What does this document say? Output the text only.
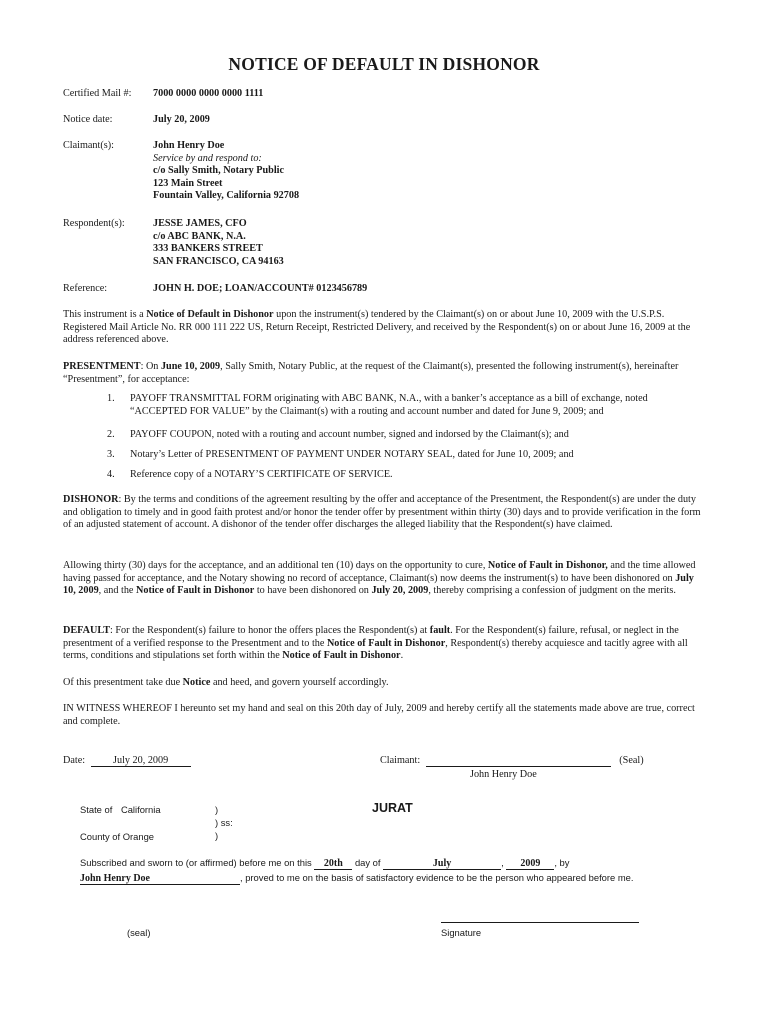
NOTICE OF DEFAULT IN DISHONOR
Certified Mail #: 7000 0000 0000 0000 1111
Notice date:	July 20, 2009
Claimant(s):	John Henry Doe
Service by and respond to:
c/o Sally Smith, Notary Public
123 Main Street
Fountain Valley, California 92708
Respondent(s):	JESSE JAMES, CFO
c/o ABC BANK, N.A.
333 BANKERS STREET
SAN FRANCISCO, CA 94163
Reference:	JOHN H. DOE; LOAN/ACCOUNT# 0123456789
This instrument is a Notice of Default in Dishonor upon the instrument(s) tendered by the Claimant(s) on or about June 10, 2009 with the U.S.P.S. Registered Mail Article No. RR 000 111 222 US, Return Receipt, Restricted Delivery, and received by the Respondent(s) on or about June 16, 2009 at the address referenced above.
PRESENTMENT: On June 10, 2009, Sally Smith, Notary Public, at the request of the Claimant(s), presented the following instrument(s), hereinafter “Presentment”, for acceptance:
1. PAYOFF TRANSMITTAL FORM originating with ABC BANK, N.A., with a banker’s acceptance as a bill of exchange, noted “ACCEPTED FOR VALUE” by the Claimant(s) with a routing and account number and dated for June 9, 2009; and
2. PAYOFF COUPON, noted with a routing and account number, signed and indorsed by the Claimant(s); and
3. Notary’s Letter of PRESENTMENT OF PAYMENT UNDER NOTARY SEAL, dated for June 10, 2009; and
4. Reference copy of a NOTARY’S CERTIFICATE OF SERVICE.
DISHONOR: By the terms and conditions of the agreement resulting by the offer and acceptance of the Presentment, the Respondent(s) are under the duty and obligation to timely and in good faith protest and/or honor the tender offer by presentment within thirty (30) days and to provide verification in the form of an adjusted statement of account. A dishonor of the tender offer discharges the alleged liability that the Respondent(s) have claimed.
Allowing thirty (30) days for the acceptance, and an additional ten (10) days on the opportunity to cure, Notice of Fault in Dishonor, and the time allowed having passed for acceptance, and the Notary showing no record of acceptance, Claimant(s) now deems the instrument(s) to have been dishonored on July 10, 2009, and the Notice of Fault in Dishonor to have been dishonored on July 20, 2009, thereby comprising a confession of judgment on the merits.
DEFAULT: For the Respondent(s) failure to honor the offers places the Respondent(s) at fault. For the Respondent(s) failure, refusal, or neglect in the presentment of a verified response to the Presentment and to the Notice of Fault in Dishonor, Respondent(s) thereby acquiesce and tacitly agree with all terms, conditions and stipulations set forth within the Notice of Fault in Dishonor.
Of this presentment take due Notice and heed, and govern yourself accordingly.
IN WITNESS WHEREOF I hereunto set my hand and seal on this 20th day of July, 2009 and hereby certify all the statements made above are true, correct and complete.
Date:	July 20, 2009	Claimant:	(Seal)
John Henry Doe
State of California	)
) ss:
)
County of Orange
JURAT
Subscribed and sworn to (or affirmed) before me on this 20th day of	July	, 2009 , by
John Henry Doe	, proved to me on the basis of satisfactory evidence to be the person who appeared before me.
(seal)	Signature
